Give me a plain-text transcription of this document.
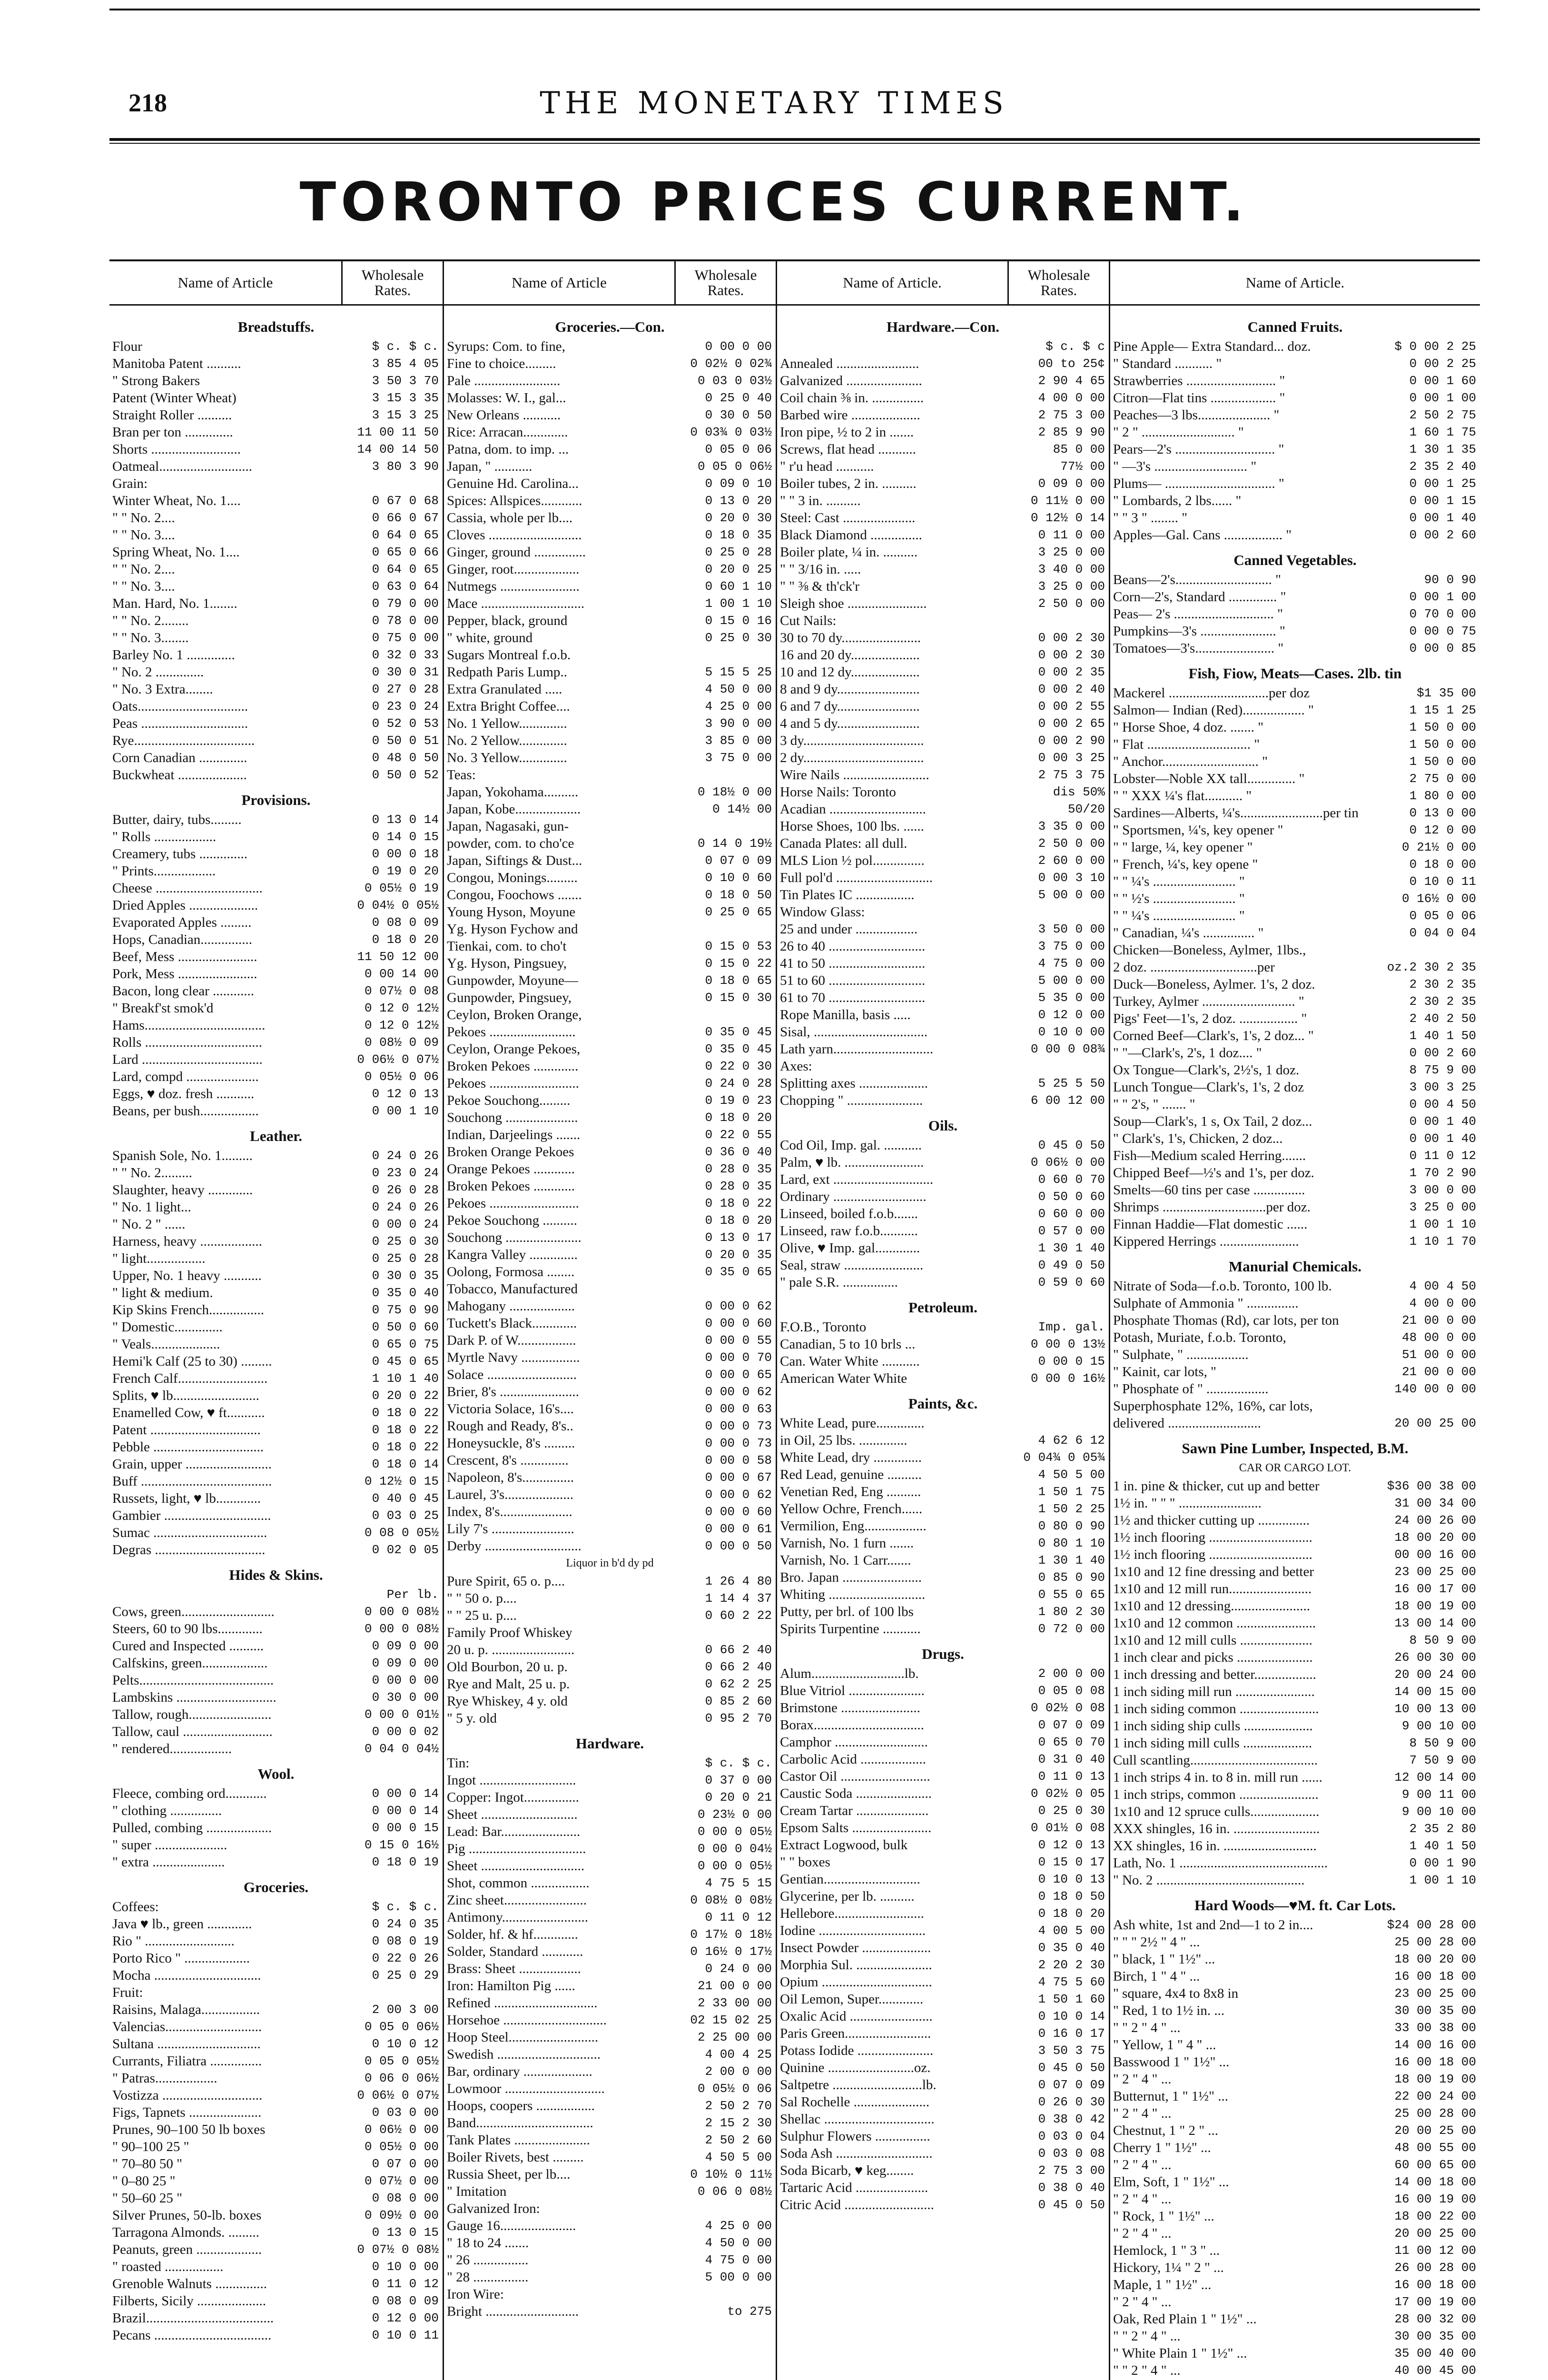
218	THE MONETARY TIMES
TORONTO PRICES CURRENT.
Name of Article	Wholesale Rates.
Breadstuffs.
Flour	$ c. $ c.
Manitoba Patent ..........	3 85 4 05
" Strong Bakers	3 50 3 70
Patent (Winter Wheat)	3 15 3 35
Straight Roller ..........	3 15 3 25
Bran per ton ..............	11 00 11 50
Shorts ..........................	14 00 14 50
Oatmeal...........................	3 80 3 90
Grain:
Winter Wheat, No. 1....	0 67 0 68
" " No. 2....	0 66 0 67
" " No. 3....	0 64 0 65
Spring Wheat, No. 1....	0 65 0 66
" " No. 2....	0 64 0 65
" " No. 3....	0 63 0 64
Man. Hard, No. 1........	0 79 0 00
" " No. 2........	0 78 0 00
" " No. 3........	0 75 0 00
Barley No. 1 ..............	0 32 0 33
" No. 2 ..............	0 30 0 31
" No. 3 Extra........	0 27 0 28
Oats................................	0 23 0 24
Peas ...............................	0 52 0 53
Rye...................................	0 50 0 51
Corn Canadian ..............	0 48 0 50
Buckwheat ....................	0 50 0 52
Provisions.
Butter, dairy, tubs.........	0 13 0 14
" Rolls ..................	0 14 0 15
Creamery, tubs ..............	0 00 0 18
" Prints..................	0 19 0 20
Cheese ...............................	0 05½ 0 19
Dried Apples ....................	0 04½ 0 05½
Evaporated Apples .........	0 08 0 09
Hops, Canadian...............	0 18 0 20
Beef, Mess .......................	11 50 12 00
Pork, Mess .......................	0 00 14 00
Bacon, long clear ............	0 07½ 0 08
" Breakf'st smok'd	0 12 0 12½
Hams...................................	0 12 0 12½
Rolls ..................................	0 08½ 0 09
Lard ...................................	0 06½ 0 07½
Lard, compd .....................	0 05½ 0 06
Eggs, ♥ doz. fresh ...........	0 12 0 13
Beans, per bush.................	0 00 1 10
Leather.
Spanish Sole, No. 1.........	0 24 0 26
" " No. 2.........	0 23 0 24
Slaughter, heavy .............	0 26 0 28
" No. 1 light...	0 24 0 26
" No. 2 " ......	0 00 0 24
Harness, heavy ..................	0 25 0 30
" light.................	0 25 0 28
Upper, No. 1 heavy ...........	0 30 0 35
" light & medium.	0 35 0 40
Kip Skins French................	0 75 0 90
" Domestic..............	0 50 0 60
" Veals....................	0 65 0 75
Hemi'k Calf (25 to 30) .........	0 45 0 65
French Calf..........................	1 10 1 40
Splits, ♥ lb.........................	0 20 0 22
Enamelled Cow, ♥ ft...........	0 18 0 22
Patent ................................	0 18 0 22
Pebble ................................	0 18 0 22
Grain, upper .........................	0 18 0 14
Buff ......................................	0 12½ 0 15
Russets, light, ♥ lb.............	0 40 0 45
Gambier ...............................	0 03 0 25
Sumac .................................	0 08 0 05½
Degras ................................	0 02 0 05
Hides & Skins.
Per lb.
Cows, green...........................	0 00 0 08½
Steers, 60 to 90 lbs.............	0 00 0 08½
Cured and Inspected ..........	0 09 0 00
Calfskins, green...................	0 09 0 00
Pelts.......................................	0 00 0 00
Lambskins .............................	0 30 0 00
Tallow, rough........................	0 00 0 01½
Tallow, caul ..........................	0 00 0 02
" rendered..................	0 04 0 04½
Wool.
Fleece, combing ord............	0 00 0 14
" clothing ...............	0 00 0 14
Pulled, combing ...................	0 00 0 15
" super .....................	0 15 0 16½
" extra .....................	0 18 0 19
Groceries.
Coffees:	$ c. $ c.
Java ♥ lb., green .............	0 24 0 35
Rio " ..........................	0 08 0 19
Porto Rico " ...................	0 22 0 26
Mocha ...............................	0 25 0 29
Fruit:
Raisins, Malaga.................	2 00 3 00
Valencias............................	0 05 0 06½
Sultana ..............................	0 10 0 12
Currants, Filiatra ...............	0 05 0 05½
" Patras..................	0 06 0 06½
Vostizza .............................	0 06½ 0 07½
Figs, Tapnets .....................	0 03 0 00
Prunes, 90–100 50 lb boxes	0 06½ 0 00
" 90–100 25 "	0 05½ 0 00
" 70–80 50 "	0 07 0 00
" 0–80 25 "	0 07½ 0 00
" 50–60 25 "	0 08 0 00
Silver Prunes, 50-lb. boxes	0 09½ 0 00
Tarragona Almonds. .........	0 13 0 15
Peanuts, green ...................	0 07½ 0 08½
" roasted .................	0 10 0 00
Grenoble Walnuts ...............	0 11 0 12
Filberts, Sicily ....................	0 08 0 09
Brazil.....................................	0 12 0 00
Pecans ..................................	0 10 0 11
Name of Article	Wholesale Rates.
Groceries.—Con.
Syrups: Com. to fine,	0 00 0 00
Fine to choice.........	0 02½ 0 02¾
Pale .........................	0 03 0 03½
Molasses: W. I., gal...	0 25 0 40
New Orleans ...........	0 30 0 50
Rice: Arracan.............	0 03¾ 0 03½
Patna, dom. to imp. ...	0 05 0 06
Japan, " ...........	0 05 0 06½
Genuine Hd. Carolina...	0 09 0 10
Spices: Allspices............	0 13 0 20
Cassia, whole per lb....	0 20 0 30
Cloves ...........................	0 18 0 35
Ginger, ground ...............	0 25 0 28
Ginger, root...................	0 20 0 25
Nutmegs .......................	0 60 1 10
Mace ..............................	1 00 1 10
Pepper, black, ground	0 15 0 16
" white, ground	0 25 0 30
Sugars Montreal f.o.b.
Redpath Paris Lump..	5 15 5 25
Extra Granulated .....	4 50 0 00
Extra Bright Coffee....	4 25 0 00
No. 1 Yellow..............	3 90 0 00
No. 2 Yellow..............	3 85 0 00
No. 3 Yellow..............	3 75 0 00
Teas:
Japan, Yokohama..........	0 18½ 0 00
Japan, Kobe...................	0 14½ 00
Japan, Nagasaki, gun-
powder, com. to cho'ce	0 14 0 19½
Japan, Siftings & Dust...	0 07 0 09
Congou, Monings.........	0 10 0 60
Congou, Foochows .......	0 18 0 50
Young Hyson, Moyune	0 25 0 65
Yg. Hyson Fychow and
Tienkai, com. to cho't	0 15 0 53
Yg. Hyson, Pingsuey,	0 15 0 22
Gunpowder, Moyune—	0 18 0 65
Gunpowder, Pingsuey,	0 15 0 30
Ceylon, Broken Orange,
Pekoes .........................	0 35 0 45
Ceylon, Orange Pekoes,	0 35 0 45
Broken Pekoes .............	0 22 0 30
Pekoes ..........................	0 24 0 28
Pekoe Souchong.........	0 19 0 23
Souchong .....................	0 18 0 20
Indian, Darjeelings .......	0 22 0 55
Broken Orange Pekoes	0 36 0 40
Orange Pekoes ............	0 28 0 35
Broken Pekoes ............	0 28 0 35
Pekoes ..........................	0 18 0 22
Pekoe Souchong ..........	0 18 0 20
Souchong ......................	0 13 0 17
Kangra Valley ..............	0 20 0 35
Oolong, Formosa ........	0 35 0 65
Tobacco, Manufactured
Mahogany ...................	0 00 0 62
Tuckett's Black.............	0 00 0 60
Dark P. of W.................	0 00 0 55
Myrtle Navy .................	0 00 0 70
Solace ..........................	0 00 0 65
Brier, 8's .......................	0 00 0 62
Victoria Solace, 16's....	0 00 0 63
Rough and Ready, 8's..	0 00 0 73
Honeysuckle, 8's .........	0 00 0 73
Crescent, 8's ..............	0 00 0 58
Napoleon, 8's...............	0 00 0 67
Laurel, 3's....................	0 00 0 62
Index, 8's.....................	0 00 0 60
Lily 7's ........................	0 00 0 61
Derby ............................	0 00 0 50
Liquor in b'd dy pd
Pure Spirit, 65 o. p....	1 26 4 80
" " 50 o. p....	1 14 4 37
" " 25 u. p....	0 60 2 22
Family Proof Whiskey
20 u. p. ........................	0 66 2 40
Old Bourbon, 20 u. p.	0 66 2 40
Rye and Malt, 25 u. p.	0 62 2 25
Rye Whiskey, 4 y. old	0 85 2 60
" 5 y. old	0 95 2 70
Hardware.
Tin:	$ c. $ c.
Ingot ............................	0 37 0 00
Copper: Ingot................	0 20 0 21
Sheet ............................	0 23½ 0 00
Lead: Bar.......................	0 00 0 05½
Pig ..................................	0 00 0 04½
Sheet ..............................	0 00 0 05½
Shot, common .................	4 75 5 15
Zinc sheet........................	0 08½ 0 08½
Antimony.........................	0 11 0 12
Solder, hf. & hf.............	0 17½ 0 18½
Solder, Standard ............	0 16½ 0 17½
Brass: Sheet ..................	0 24 0 00
Iron: Hamilton Pig ......	21 00 0 00
Refined ..............................	2 33 00 00
Horsehoe ..............................	02 15 02 25
Hoop Steel..........................	2 25 00 00
Swedish ..............................	4 00 4 25
Bar, ordinary ....................	2 00 0 00
Lowmoor .............................	0 05½ 0 06
Hoops, coopers .................	2 50 2 70
Band..................................	2 15 2 30
Tank Plates ......................	2 50 2 60
Boiler Rivets, best .........	4 50 5 00
Russia Sheet, per lb....	0 10½ 0 11½
" Imitation	0 06 0 08½
Galvanized Iron:
Gauge 16......................	4 25 0 00
" 18 to 24 .......	4 50 0 00
" 26 ................	4 75 0 00
" 28 ................	5 00 0 00
Iron Wire:
Bright ...........................	to 275
Name of Article.	Wholesale Rates.
Hardware.—Con.
$ c. $ c
Annealed ........................	00 to 25¢
Galvanized ......................	2 90 4 65
Coil chain ⅜ in. ...............	4 00 0 00
Barbed wire ....................	2 75 3 00
Iron pipe, ½ to 2 in .......	2 85 9 90
Screws, flat head ...........	85 0 00
" r'u head ...........	77½ 00
Boiler tubes, 2 in. ..........	0 09 0 00
" " 3 in. ..........	0 11½ 0 00
Steel: Cast .....................	0 12½ 0 14
Black Diamond ...............	0 11 0 00
Boiler plate, ¼ in. ..........	3 25 0 00
" " 3/16 in. .....	3 40 0 00
" " ⅜ & th'ck'r	3 25 0 00
Sleigh shoe .......................	2 50 0 00
Cut Nails:
30 to 70 dy.......................	0 00 2 30
16 and 20 dy....................	0 00 2 30
10 and 12 dy....................	0 00 2 35
8 and 9 dy........................	0 00 2 40
6 and 7 dy........................	0 00 2 55
4 and 5 dy........................	0 00 2 65
3 dy...................................	0 00 2 90
2 dy...................................	0 00 3 25
Wire Nails .........................	2 75 3 75
Horse Nails: Toronto	dis 50%
Acadian ............................	50/20
Horse Shoes, 100 lbs. ......	3 35 0 00
Canada Plates: all dull.	2 50 0 00
MLS Lion ½ pol...............	2 60 0 00
Full pol'd ............................	0 00 3 10
Tin Plates IC .................	5 00 0 00
Window Glass:
25 and under ..................	3 50 0 00
26 to 40 ............................	3 75 0 00
41 to 50 ............................	4 75 0 00
51 to 60 ............................	5 00 0 00
61 to 70 ............................	5 35 0 00
Rope Manilla, basis .....	0 12 0 00
Sisal, .................................	0 10 0 00
Lath yarn.............................	0 00 0 08¾
Axes:
Splitting axes ....................	5 25 5 50
Chopping " ......................	6 00 12 00
Oils.
Cod Oil, Imp. gal. ...........	0 45 0 50
Palm, ♥ lb. .......................	0 06½ 0 00
Lard, ext .............................	0 60 0 70
Ordinary ...........................	0 50 0 60
Linseed, boiled f.o.b.......	0 60 0 00
Linseed, raw f.o.b...........	0 57 0 00
Olive, ♥ Imp. gal.............	1 30 1 40
Seal, straw .......................	0 49 0 50
" pale S.R. ................	0 59 0 60
Petroleum.
F.O.B., Toronto	Imp. gal.
Canadian, 5 to 10 brls ...	0 00 0 13½
Can. Water White ...........	0 00 0 15
American Water White	0 00 0 16½
Paints, &c.
White Lead, pure..............
in Oil, 25 lbs. ..............	4 62 6 12
White Lead, dry ..............	0 04¾ 0 05¾
Red Lead, genuine ..........	4 50 5 00
Venetian Red, Eng ..........	1 50 1 75
Yellow Ochre, French......	1 50 2 25
Vermilion, Eng..................	0 80 0 90
Varnish, No. 1 furn .......	0 80 1 10
Varnish, No. 1 Carr.......	1 30 1 40
Bro. Japan .......................	0 85 0 90
Whiting ............................	0 55 0 65
Putty, per brl. of 100 lbs	1 80 2 30
Spirits Turpentine ...........	0 72 0 00
Drugs.
Alum...........................lb.	2 00 0 00
Blue Vitriol ......................	0 05 0 08
Brimstone .......................	0 02½ 0 08
Borax................................	0 07 0 09
Camphor ...........................	0 65 0 70
Carbolic Acid ...................	0 31 0 40
Castor Oil ..........................	0 11 0 13
Caustic Soda ......................	0 02½ 0 05
Cream Tartar .....................	0 25 0 30
Epsom Salts .......................	0 01½ 0 08
Extract Logwood, bulk	0 12 0 13
" " boxes	0 15 0 17
Gentian............................	0 10 0 13
Glycerine, per lb. ..........	0 18 0 50
Hellebore..........................	0 18 0 20
Iodine ...............................	4 00 5 00
Insect Powder ....................	0 35 0 40
Morphia Sul. ......................	2 20 2 30
Opium ................................	4 75 5 60
Oil Lemon, Super.............	1 50 1 60
Oxalic Acid ........................	0 10 0 14
Paris Green.........................	0 16 0 17
Potass Iodide ......................	3 50 3 75
Quinine .........................oz.	0 45 0 50
Saltpetre ..........................lb.	0 07 0 09
Sal Rochelle ......................	0 26 0 30
Shellac ................................	0 38 0 42
Sulphur Flowers ................	0 03 0 04
Soda Ash ............................	0 03 0 08
Soda Bicarb, ♥ keg........	2 75 3 00
Tartaric Acid .....................	0 38 0 40
Citric Acid ..........................	0 45 0 50
Name of Article.
Canned Fruits.
Pine Apple— Extra Standard... doz.	$ 0 00 2 25
" Standard ........... "	0 00 2 25
Strawberries .......................... "	0 00 1 60
Citron—Flat tins ................... "	0 00 1 00
Peaches—3 lbs..................... "	2 50 2 75
" 2 " ........................... "	1 60 1 75
Pears—2's ............................. "	1 30 1 35
" —3's ........................... "	2 35 2 40
Plums— ................................ "	0 00 1 25
" Lombards, 2 lbs...... "	0 00 1 15
" " 3 " ........ "	0 00 1 40
Apples—Gal. Cans ................. "	0 00 2 60
Canned Vegetables.
Beans—2's............................ "	90 0 90
Corn—2's, Standard .............. "	0 00 1 00
Peas— 2's ............................. "	0 70 0 00
Pumpkins—3's ...................... "	0 00 0 75
Tomatoes—3's....................... "	0 00 0 85
Fish, Fiow, Meats—Cases. 2lb. tin
Mackerel .............................per doz	$1 35 00
Salmon— Indian (Red).................. "	1 15 1 25
" Horse Shoe, 4 doz. ....... "	1 50 0 00
" Flat .............................. "	1 50 0 00
" Anchor............................ "	1 50 0 00
Lobster—Noble XX tall.............. "	2 75 0 00
" " XXX ¼'s flat........... "	1 80 0 00
Sardines—Alberts, ¼'s........................per tin	0 13 0 00
" Sportsmen, ¼'s, key opener "	0 12 0 00
" " large, ¼, key opener "	0 21½ 0 00
" French, ¼'s, key opene "	0 18 0 00
" " ¼'s ........................ "	0 10 0 11
" " ½'s ........................ "	0 16½ 0 00
" " ¼'s ........................ "	0 05 0 06
" Canadian, ¼'s ............... "	0 04 0 04
Chicken—Boneless, Aylmer, 1lbs.,
2 doz. ...............................per	oz.2 30 2 35
Duck—Boneless, Aylmer. 1's, 2 doz.	2 30 2 35
Turkey, Aylmer ........................... "	2 30 2 35
Pigs' Feet—1's, 2 doz. ................. "	2 40 2 50
Corned Beef—Clark's, 1's, 2 doz... "	1 40 1 50
" "—Clark's, 2's, 1 doz.... "	0 00 2 60
Ox Tongue—Clark's, 2½'s, 1 doz.	8 75 9 00
Lunch Tongue—Clark's, 1's, 2 doz	3 00 3 25
" " 2's, " ....... "	0 00 4 50
Soup—Clark's, 1 s, Ox Tail, 2 doz...	0 00 1 40
" Clark's, 1's, Chicken, 2 doz...	0 00 1 40
Fish—Medium scaled Herring.......	0 11 0 12
Chipped Beef—½'s and 1's, per doz.	1 70 2 90
Smelts—60 tins per case ...............	3 00 0 00
Shrimps ..............................per doz.	3 25 0 00
Finnan Haddie—Flat domestic ......	1 00 1 10
Kippered Herrings .......................	1 10 1 70
Manurial Chemicals.
Nitrate of Soda—f.o.b. Toronto, 100 lb.	4 00 4 50
Sulphate of Ammonia " ...............	4 00 0 00
Phosphate Thomas (Rd), car lots, per ton	21 00 0 00
Potash, Muriate, f.o.b. Toronto,	48 00 0 00
" Sulphate, " ..................	51 00 0 00
" Kainit, car lots, "	21 00 0 00
" Phosphate of " ..................	140 00 0 00
Superphosphate 12%, 16%, car lots,
delivered ...........................	20 00 25 00
Sawn Pine Lumber, Inspected, B.M.
CAR OR CARGO LOT.
1 in. pine & thicker, cut up and better	$36 00 38 00
1½ in. " " " ........................	31 00 34 00
1½ and thicker cutting up ...............	24 00 26 00
1½ inch flooring ..............................	18 00 20 00
1½ inch flooring ..............................	00 00 16 00
1x10 and 12 fine dressing and better	23 00 25 00
1x10 and 12 mill run........................	16 00 17 00
1x10 and 12 dressing.......................	18 00 19 00
1x10 and 12 common .......................	13 00 14 00
1x10 and 12 mill culls .....................	8 50 9 00
1 inch clear and picks ......................	26 00 30 00
1 inch dressing and better..................	20 00 24 00
1 inch siding mill run .......................	14 00 15 00
1 inch siding common .......................	10 00 13 00
1 inch siding ship culls ....................	9 00 10 00
1 inch siding mill culls ....................	8 50 9 00
Cull scantling.....................................	7 50 9 00
1 inch strips 4 in. to 8 in. mill run ......	12 00 14 00
1 inch strips, common .......................	9 00 11 00
1x10 and 12 spruce culls....................	9 00 10 00
XXX shingles, 16 in. .........................	2 35 2 80
XX shingles, 16 in. ...........................	1 40 1 50
Lath, No. 1 ...........................................	0 00 1 90
" No. 2 ...........................................	1 00 1 10
Hard Woods—♥M. ft. Car Lots.
Ash white, 1st and 2nd—1 to 2 in....	$24 00 28 00
" " " 2½ " 4 " ...	25 00 28 00
" black, 1 " 1½" ...	18 00 20 00
Birch, 1 " 4 " ...	16 00 18 00
" square, 4x4 to 8x8 in	23 00 25 00
" Red, 1 to 1½ in. ...	30 00 35 00
" " 2 " 4 " ...	33 00 38 00
" Yellow, 1 " 4 " ...	14 00 16 00
Basswood 1 " 1½" ...	16 00 18 00
" 2 " 4 " ...	18 00 19 00
Butternut, 1 " 1½" ...	22 00 24 00
" 2 " 4 " ...	25 00 28 00
Chestnut, 1 " 2 " ...	20 00 25 00
Cherry 1 " 1½" ...	48 00 55 00
" 2 " 4 " ...	60 00 65 00
Elm, Soft, 1 " 1½" ...	14 00 18 00
" 2 " 4 " ...	16 00 19 00
" Rock, 1 " 1½" ...	18 00 22 00
" 2 " 4 " ...	20 00 25 00
Hemlock, 1 " 3 " ...	11 00 12 00
Hickory, 1¼ " 2 " ...	26 00 28 00
Maple, 1 " 1½" ...	16 00 18 00
" 2 " 4 " ...	17 00 19 00
Oak, Red Plain 1 " 1½" ...	28 00 32 00
" " 2 " 4 " ...	30 00 35 00
" White Plain 1 " 1½" ...	35 00 40 00
" " 2 " 4 " ...	40 00 45 00
